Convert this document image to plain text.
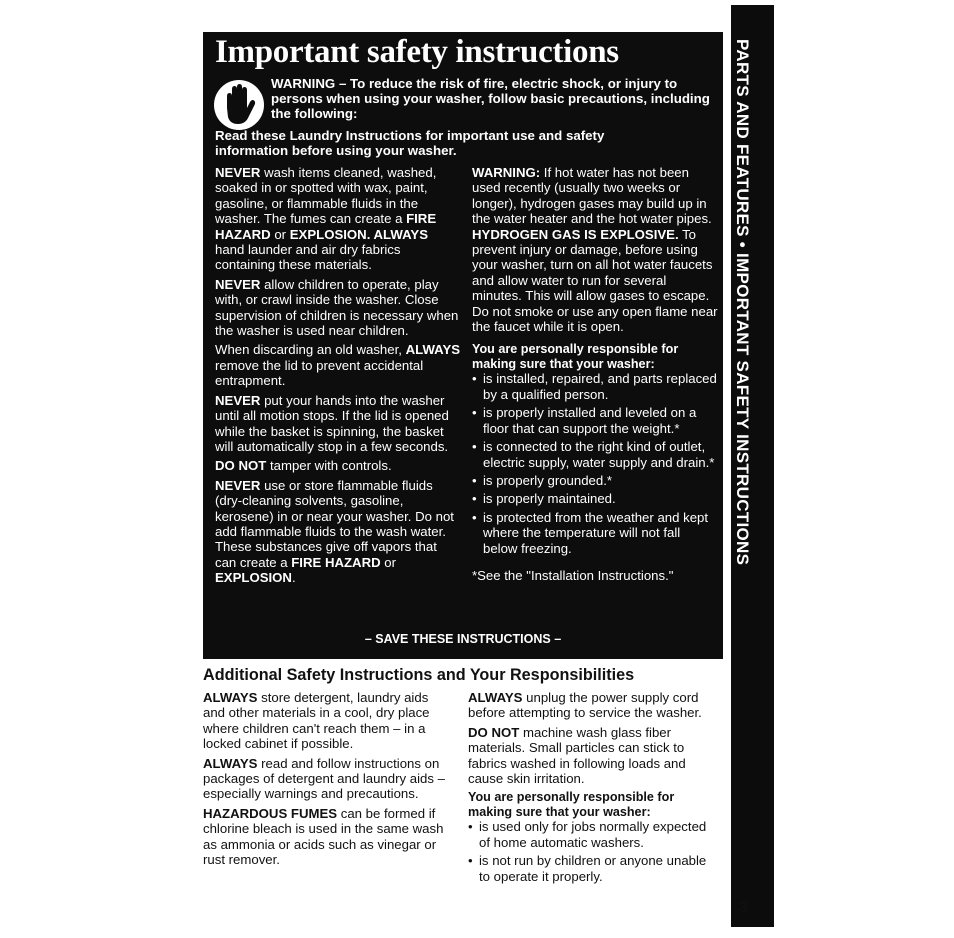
PARTS AND FEATURES • IMPORTANT SAFETY INSTRUCTIONS
Important safety instructions
WARNING – To reduce the risk of fire, electric shock, or injury to persons when using your washer, follow basic precautions, including the following:
Read these Laundry Instructions for important use and safety information before using your washer.

NEVER wash items cleaned, washed, soaked in or spotted with wax, paint, gasoline, or flammable fluids in the washer. The fumes can create a FIRE HAZARD or EXPLOSION. ALWAYS hand launder and air dry fabrics containing these materials.

NEVER allow children to operate, play with, or crawl inside the washer. Close supervision of children is necessary when the washer is used near children.

When discarding an old washer, ALWAYS remove the lid to prevent accidental entrapment.

NEVER put your hands into the washer until all motion stops. If the lid is opened while the basket is spinning, the basket will automatically stop in a few seconds.

DO NOT tamper with controls.

NEVER use or store flammable fluids (dry-cleaning solvents, gasoline, kerosene) in or near your washer. Do not add flammable fluids to the wash water. These substances give off vapors that can create a FIRE HAZARD or EXPLOSION.

WARNING: If hot water has not been used recently (usually two weeks or longer), hydrogen gases may build up in the water heater and the hot water pipes. HYDROGEN GAS IS EXPLOSIVE. To prevent injury or damage, before using your washer, turn on all hot water faucets and allow water to run for several minutes. This will allow gases to escape. Do not smoke or use any open flame near the faucet while it is open.

You are personally responsible for making sure that your washer:
• is installed, repaired, and parts replaced by a qualified person.
• is properly installed and leveled on a floor that can support the weight.*
• is connected to the right kind of outlet, electric supply, water supply and drain.*
• is properly grounded.*
• is properly maintained.
• is protected from the weather and kept where the temperature will not fall below freezing.
*See the "Installation Instructions."
– SAVE THESE INSTRUCTIONS –
Additional Safety Instructions and Your Responsibilities

ALWAYS store detergent, laundry aids and other materials in a cool, dry place where children can't reach them – in a locked cabinet if possible.

ALWAYS read and follow instructions on packages of detergent and laundry aids – especially warnings and precautions.

HAZARDOUS FUMES can be formed if chlorine bleach is used in the same wash as ammonia or acids such as vinegar or rust remover.

ALWAYS unplug the power supply cord before attempting to service the washer.

DO NOT machine wash glass fiber materials. Small particles can stick to fabrics washed in following loads and cause skin irritation.

You are personally responsible for making sure that your washer:
• is used only for jobs normally expected of home automatic washers.
• is not run by children or anyone unable to operate it properly.
3
